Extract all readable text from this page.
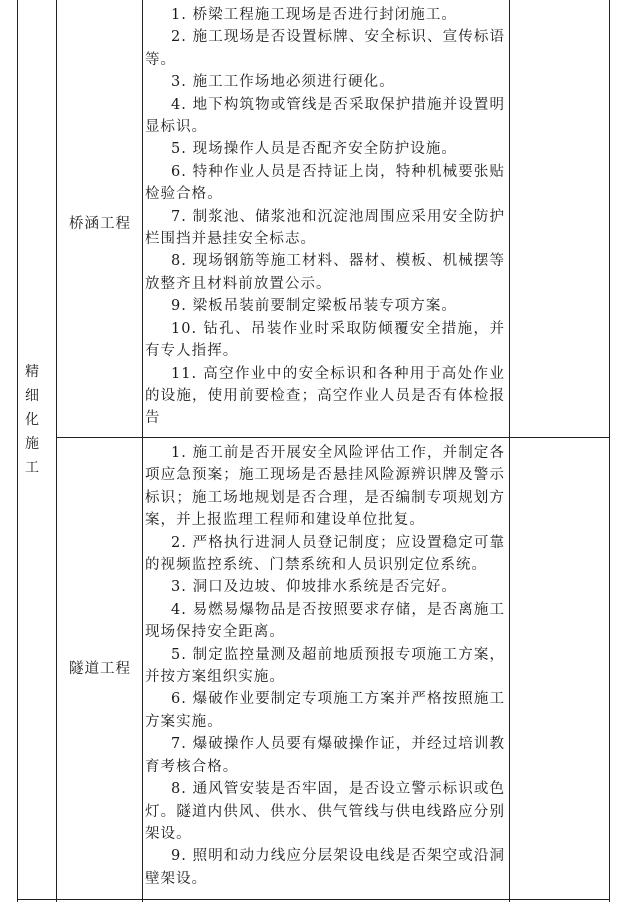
精
细
化
施
工
桥涵工程
1. 桥梁工程施工现场是否进行封闭施工。
2. 施工现场是否设置标牌、安全标识、宣传标语等。
3. 施工工作场地必须进行硬化。
4. 地下构筑物或管线是否采取保护措施并设置明显标识。
5. 现场操作人员是否配齐安全防护设施。
6. 特种作业人员是否持证上岗，特种机械要张贴检验合格。
7. 制浆池、储浆池和沉淀池周围应采用安全防护栏围挡并悬挂安全标志。
8. 现场钢筋等施工材料、器材、模板、机械摆等放整齐且材料前放置公示。
9. 梁板吊装前要制定梁板吊装专项方案。
10. 钻孔、吊装作业时采取防倾覆安全措施，并有专人指挥。
11. 高空作业中的安全标识和各种用于高处作业的设施，使用前要检查；高空作业人员是否有体检报告
隧道工程
1. 施工前是否开展安全风险评估工作，并制定各项应急预案；施工现场是否悬挂风险源辨识牌及警示标识；施工场地规划是否合理，是否编制专项规划方案，并上报监理工程师和建设单位批复。
2. 严格执行进洞人员登记制度；应设置稳定可靠的视频监控系统、门禁系统和人员识别定位系统。
3. 洞口及边坡、仰坡排水系统是否完好。
4. 易燃易爆物品是否按照要求存储，是否离施工现场保持安全距离。
5. 制定监控量测及超前地质预报专项施工方案，并按方案组织实施。
6. 爆破作业要制定专项施工方案并严格按照施工方案实施。
7. 爆破操作人员要有爆破操作证，并经过培训教育考核合格。
8. 通风管安装是否牢固，是否设立警示标识或色灯。隧道内供风、供水、供气管线与供电线路应分别架设。
9. 照明和动力线应分层架设电线是否架空或沿洞壁架设。
